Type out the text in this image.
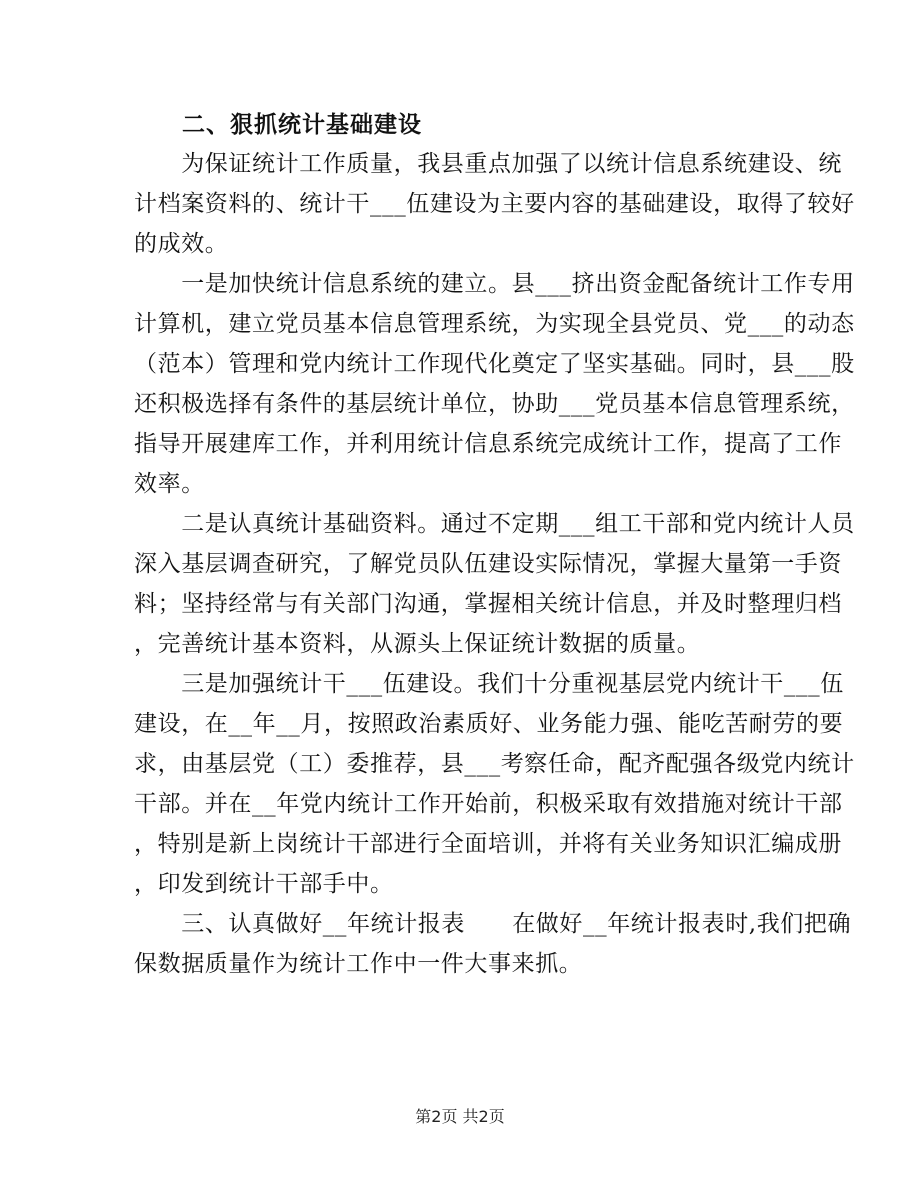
二、狠抓统计基础建设
　　为保证统计工作质量，我县重点加强了以统计信息系统建设、统
计档案资料的、统计干___伍建设为主要内容的基础建设，取得了较好
的成效。
　　一是加快统计信息系统的建立。县___挤出资金配备统计工作专用
计算机，建立党员基本信息管理系统，为实现全县党员、党___的动态
（范本）管理和党内统计工作现代化奠定了坚实基础。同时，县___股
还积极选择有条件的基层统计单位，协助___党员基本信息管理系统，
指导开展建库工作，并利用统计信息系统完成统计工作，提高了工作
效率。
　　二是认真统计基础资料。通过不定期___组工干部和党内统计人员
深入基层调查研究，了解党员队伍建设实际情况，掌握大量第一手资
料；坚持经常与有关部门沟通，掌握相关统计信息，并及时整理归档
，完善统计基本资料，从源头上保证统计数据的质量。
　　三是加强统计干___伍建设。我们十分重视基层党内统计干___伍
建设，在__年__月，按照政治素质好、业务能力强、能吃苦耐劳的要
求，由基层党（工）委推荐，县___考察任命，配齐配强各级党内统计
干部。并在__年党内统计工作开始前，积极采取有效措施对统计干部
，特别是新上岗统计干部进行全面培训，并将有关业务知识汇编成册
，印发到统计干部手中。
　　三、认真做好__年统计报表　　在做好__年统计报表时,我们把确
保数据质量作为统计工作中一件大事来抓。
第2页 共2页
